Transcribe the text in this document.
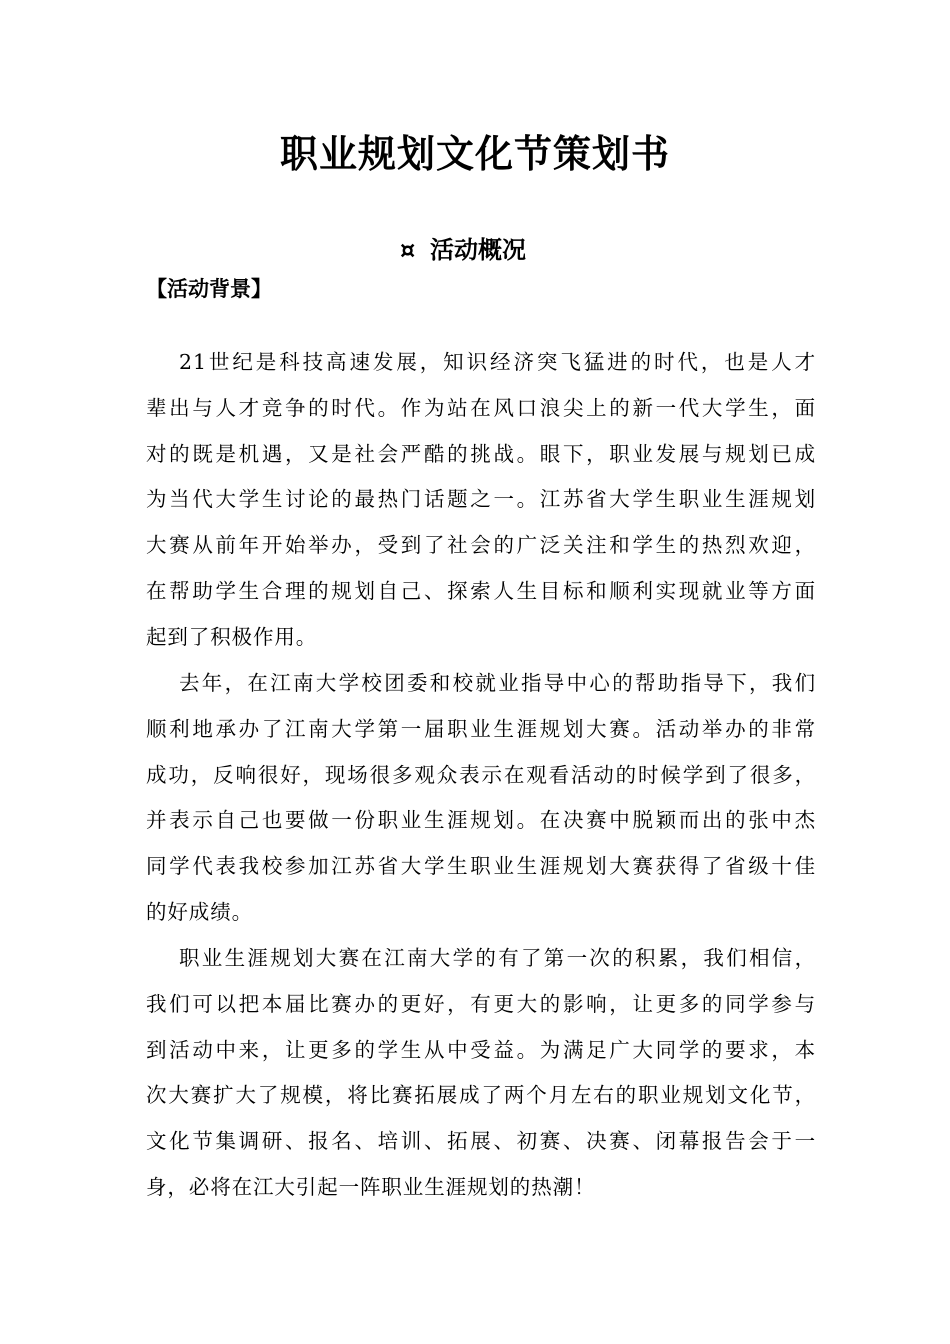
职业规划文化节策划书
¤ 活动概况
【活动背景】
21世纪是科技高速发展，知识经济突飞猛进的时代，也是人才
辈出与人才竞争的时代。作为站在风口浪尖上的新一代大学生，面
对的既是机遇，又是社会严酷的挑战。眼下，职业发展与规划已成
为当代大学生讨论的最热门话题之一。江苏省大学生职业生涯规划
大赛从前年开始举办，受到了社会的广泛关注和学生的热烈欢迎，
在帮助学生合理的规划自己、探索人生目标和顺利实现就业等方面
起到了积极作用。
去年，在江南大学校团委和校就业指导中心的帮助指导下，我们
顺利地承办了江南大学第一届职业生涯规划大赛。活动举办的非常
成功，反响很好，现场很多观众表示在观看活动的时候学到了很多，
并表示自己也要做一份职业生涯规划。在决赛中脱颖而出的张中杰
同学代表我校参加江苏省大学生职业生涯规划大赛获得了省级十佳
的好成绩。
职业生涯规划大赛在江南大学的有了第一次的积累，我们相信，
我们可以把本届比赛办的更好，有更大的影响，让更多的同学参与
到活动中来，让更多的学生从中受益。为满足广大同学的要求，本
次大赛扩大了规模，将比赛拓展成了两个月左右的职业规划文化节，
文化节集调研、报名、培训、拓展、初赛、决赛、闭幕报告会于一
身，必将在江大引起一阵职业生涯规划的热潮！
